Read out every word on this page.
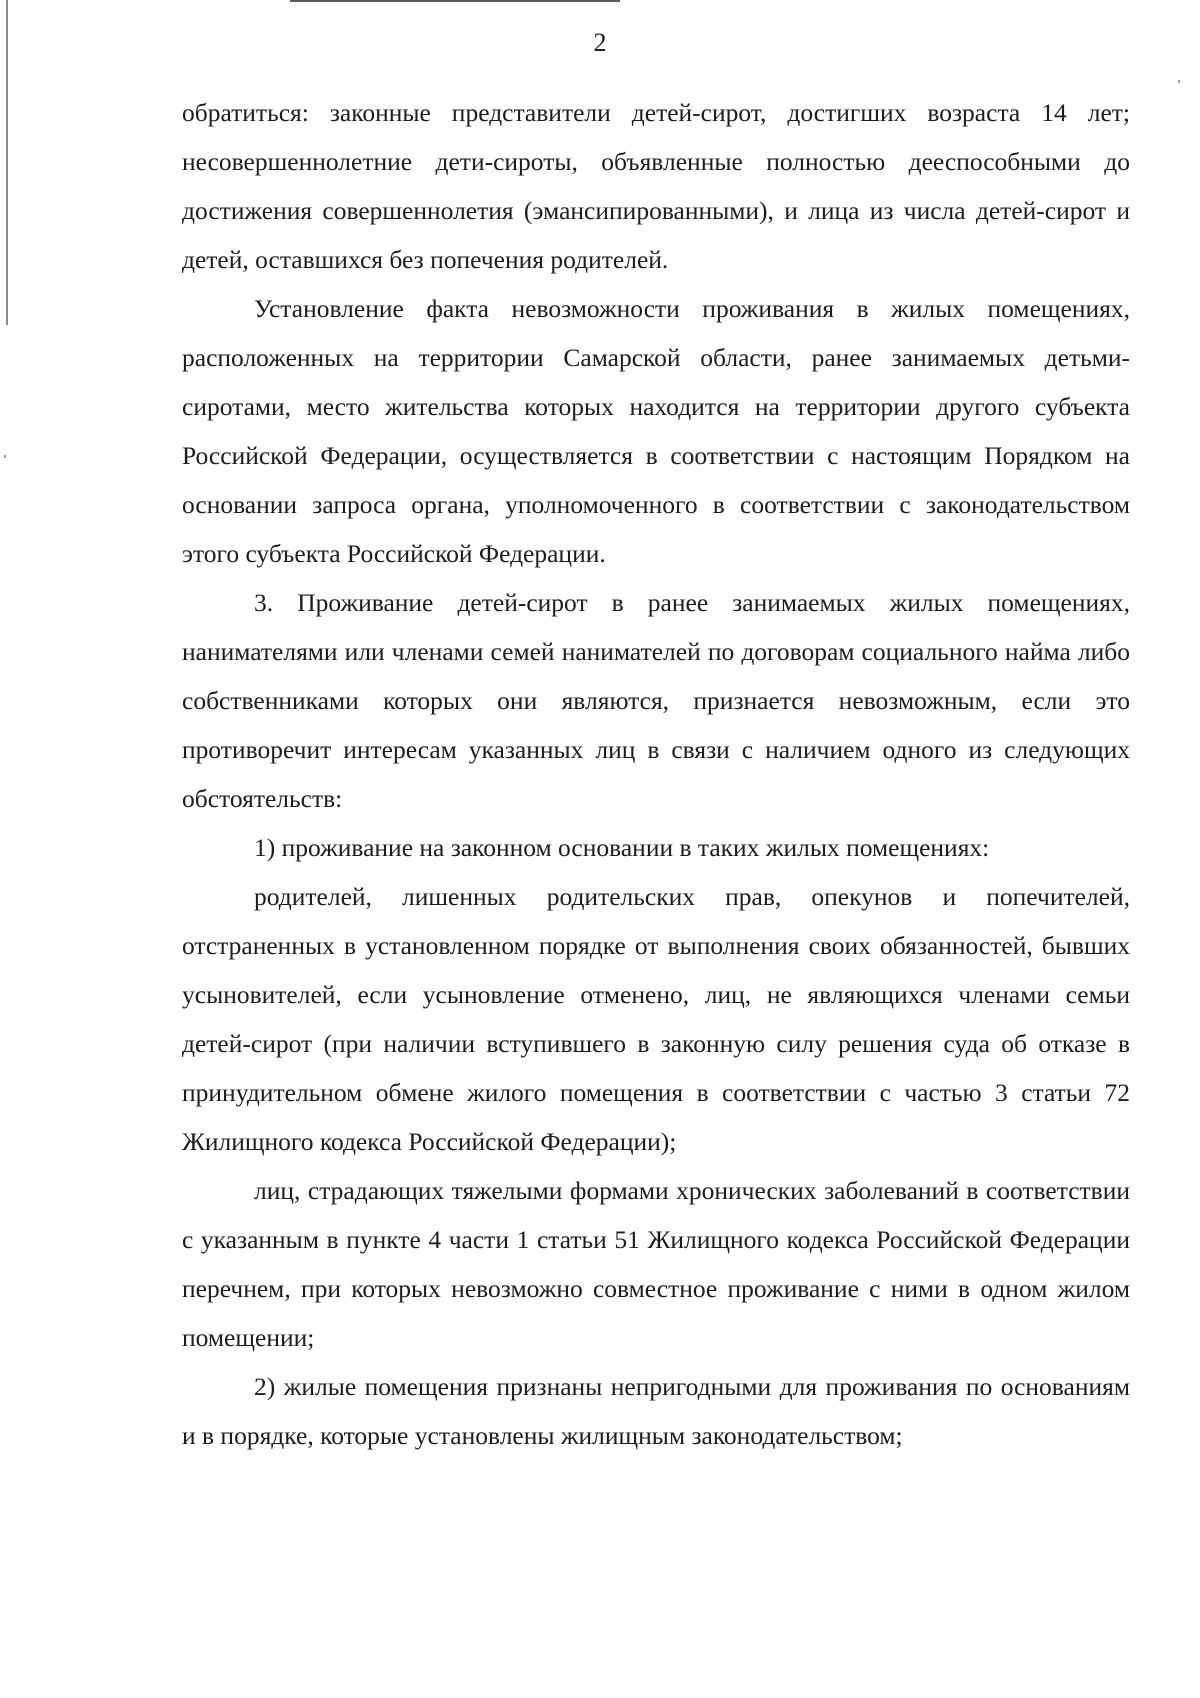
2

обратиться: законные представители детей-сирот, достигших возраста 14 лет; несовершеннолетние дети-сироты, объявленные полностью дееспособными до достижения совершеннолетия (эмансипированными), и лица из числа детей-сирот и детей, оставшихся без попечения родителей.

Установление факта невозможности проживания в жилых помещениях, расположенных на территории Самарской области, ранее занимаемых детьми-сиротами, место жительства которых находится на территории другого субъекта Российской Федерации, осуществляется в соответствии с настоящим Порядком на основании запроса органа, уполномоченного в соответствии с законодательством этого субъекта Российской Федерации.

3. Проживание детей-сирот в ранее занимаемых жилых помещениях, нанимателями или членами семей нанимателей по договорам социального найма либо собственниками которых они являются, признается невозможным, если это противоречит интересам указанных лиц в связи с наличием одного из следующих обстоятельств:

1) проживание на законном основании в таких жилых помещениях:

родителей, лишенных родительских прав, опекунов и попечителей, отстраненных в установленном порядке от выполнения своих обязанностей, бывших усыновителей, если усыновление отменено, лиц, не являющихся членами семьи детей-сирот (при наличии вступившего в законную силу решения суда об отказе в принудительном обмене жилого помещения в соответствии с частью 3 статьи 72 Жилищного кодекса Российской Федерации);

лиц, страдающих тяжелыми формами хронических заболеваний в соответствии с указанным в пункте 4 части 1 статьи 51 Жилищного кодекса Российской Федерации перечнем, при которых невозможно совместное проживание с ними в одном жилом помещении;

2) жилые помещения признаны непригодными для проживания по основаниям и в порядке, которые установлены жилищным законодательством;
